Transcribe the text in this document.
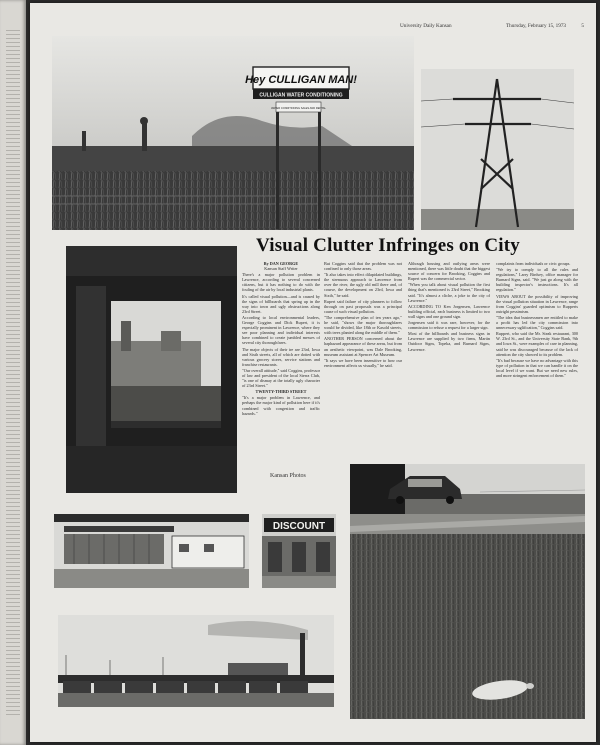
University Daily Kansan	Thursday, February 15, 1973	5
Hey CULLIGAN MAN!
CULLIGAN WATER CONDITIONING
WATER CONDITIONING SALES AND RENTAL
Visual Clutter Infringes on City
By DAN GEORGE
Kansan Staff Writer

There's a major pollution problem in Lawrence, according to several concerned citizens, but it has nothing to do with the fouling of the air by local industrial plants.

It's called visual pollution—and is caused by the signs of billboards that spring up in the way into town and ugly obstructions along 23rd Street.

According to local environmental leaders, George Coggins and Dick Rupert, it is especially prominent in Lawrence, where they see poor planning and individual interests have combined to create jumbled messes of several city thoroughfares.

The major objects of their ire are 23rd, Iowa and Sixth streets, all of which are dotted with various grocery stores, service stations and franchise restaurants.

"Our overall attitude," said Coggins, professor of law and president of the local Sierra Club, "is one of dismay at the totally ugly character of 23rd Street."

TWENTY-THIRD STREET

"It's a major problem in Lawrence, and perhaps the major kind of pollution here if it's combined with congestion and traffic hazards."

But Coggins said that the problem was not confined to only those areas.

"It also takes into effect dilapidated buildings, the strenuous approach to Lawrence from over the river, the ugly old mill there and, of course, the development on 23rd, Iowa and Sixth," he said.

Rupert said failure of city planners to follow through on past proposals was a principal cause of such visual pollution.

"The comprehensive plan of ten years ago," he said, "shows the major thoroughfares would be divided, like 18th or Kasold streets, with trees planted along the middle of them."

ANOTHER PERSON concerned about the haphazard appearance of these areas, but from an aesthetic viewpoint, was Dale Brooking, museum assistant at Spencer Art Museum.

"It says we have been insensitive to how our environment affects us visually," he said.

Although housing and outlying areas were mentioned, there was little doubt that the biggest source of concern for Brooking, Coggins and Rupert was the commercial sector.

"When you talk about visual pollution the first thing that's mentioned is 23rd Street," Brooking said. "It's almost a cliche, a joke to the city of Lawrence."

ACCORDING TO Ken Jorgensen, Lawrence building official, each business is limited to two wall signs and one ground sign.

Jorgensen said it was rare, however, for the commission to refuse a request for a larger sign.

Most of the billboards and business signs in Lawrence are supplied by two firms, Martin Outdoor Signs, Topeka, and Burnard Signs, Lawrence.

complaints from individuals or civic groups.

"We try to comply to all the rules and regulations," Larry Birdsey, office manager for Burnard Signs, said. "We just go along with the building inspector's instructions. It's all regulation."

VIEWS ABOUT the possibility of improving the visual pollution situation in Lawrence, range from Coggins' guarded optimism to Rupperts outright pessimism.

"The idea that businessmen are entitled to make a profit has led the city commission into unnecessary uglification," Coggins said.

Ruppert, who said the Mr. Steak restaurant, 300 W. 23rd St., and the University State Bank, 9th and Iowa St., were examples of care in planning, said he was discouraged because of the lack of attention the city showed to its problem.

"It's bad because we have no advantage with this type of pollution in that we can handle it on the local level if we want. But we need new rules, and more stringent enforcement of them."

Kansan Photos
DISCOUNT
